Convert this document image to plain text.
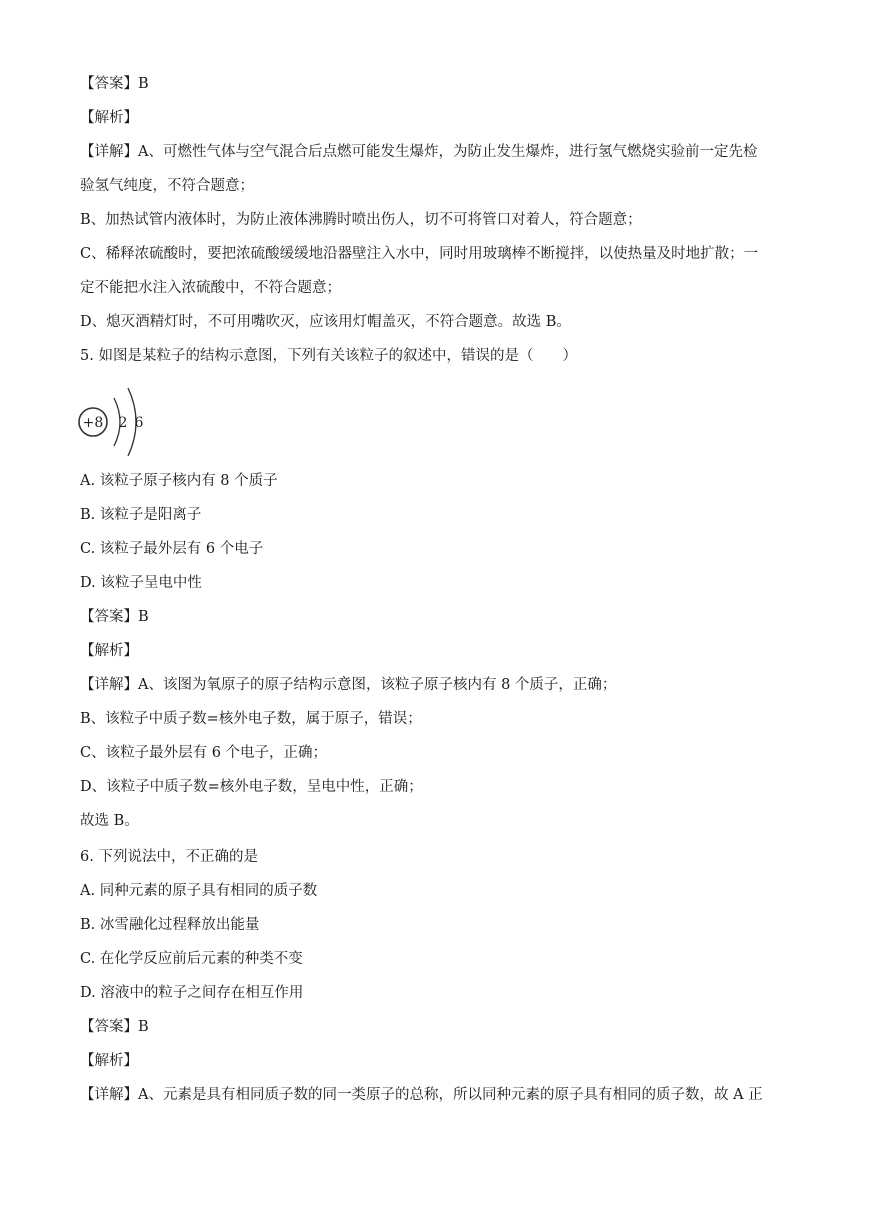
【答案】B
【解析】
【详解】A、可燃性气体与空气混合后点燃可能发生爆炸，为防止发生爆炸，进行氢气燃烧实验前一定先检
验氢气纯度，不符合题意；
B、加热试管内液体时，为防止液体沸腾时喷出伤人，切不可将管口对着人，符合题意；
C、稀释浓硫酸时，要把浓硫酸缓缓地沿器壁注入水中，同时用玻璃棒不断搅拌，以使热量及时地扩散；一
定不能把水注入浓硫酸中，不符合题意；
D、熄灭酒精灯时，不可用嘴吹灭，应该用灯帽盖灭，不符合题意。故选 B。
5. 如图是某粒子的结构示意图，下列有关该粒子的叙述中，错误的是（　　）
+8 2 6
A. 该粒子原子核内有 8 个质子
B. 该粒子是阳离子
C. 该粒子最外层有 6 个电子
D. 该粒子呈电中性
【答案】B
【解析】
【详解】A、该图为氧原子的原子结构示意图，该粒子原子核内有 8 个质子，正确；
B、该粒子中质子数=核外电子数，属于原子，错误；
C、该粒子最外层有 6 个电子，正确；
D、该粒子中质子数=核外电子数，呈电中性，正确；
故选 B。
6. 下列说法中，不正确的是
A. 同种元素的原子具有相同的质子数
B. 冰雪融化过程释放出能量
C. 在化学反应前后元素的种类不变
D. 溶液中的粒子之间存在相互作用
【答案】B
【解析】
【详解】A、元素是具有相同质子数的同一类原子的总称，所以同种元素的原子具有相同的质子数，故 A 正
